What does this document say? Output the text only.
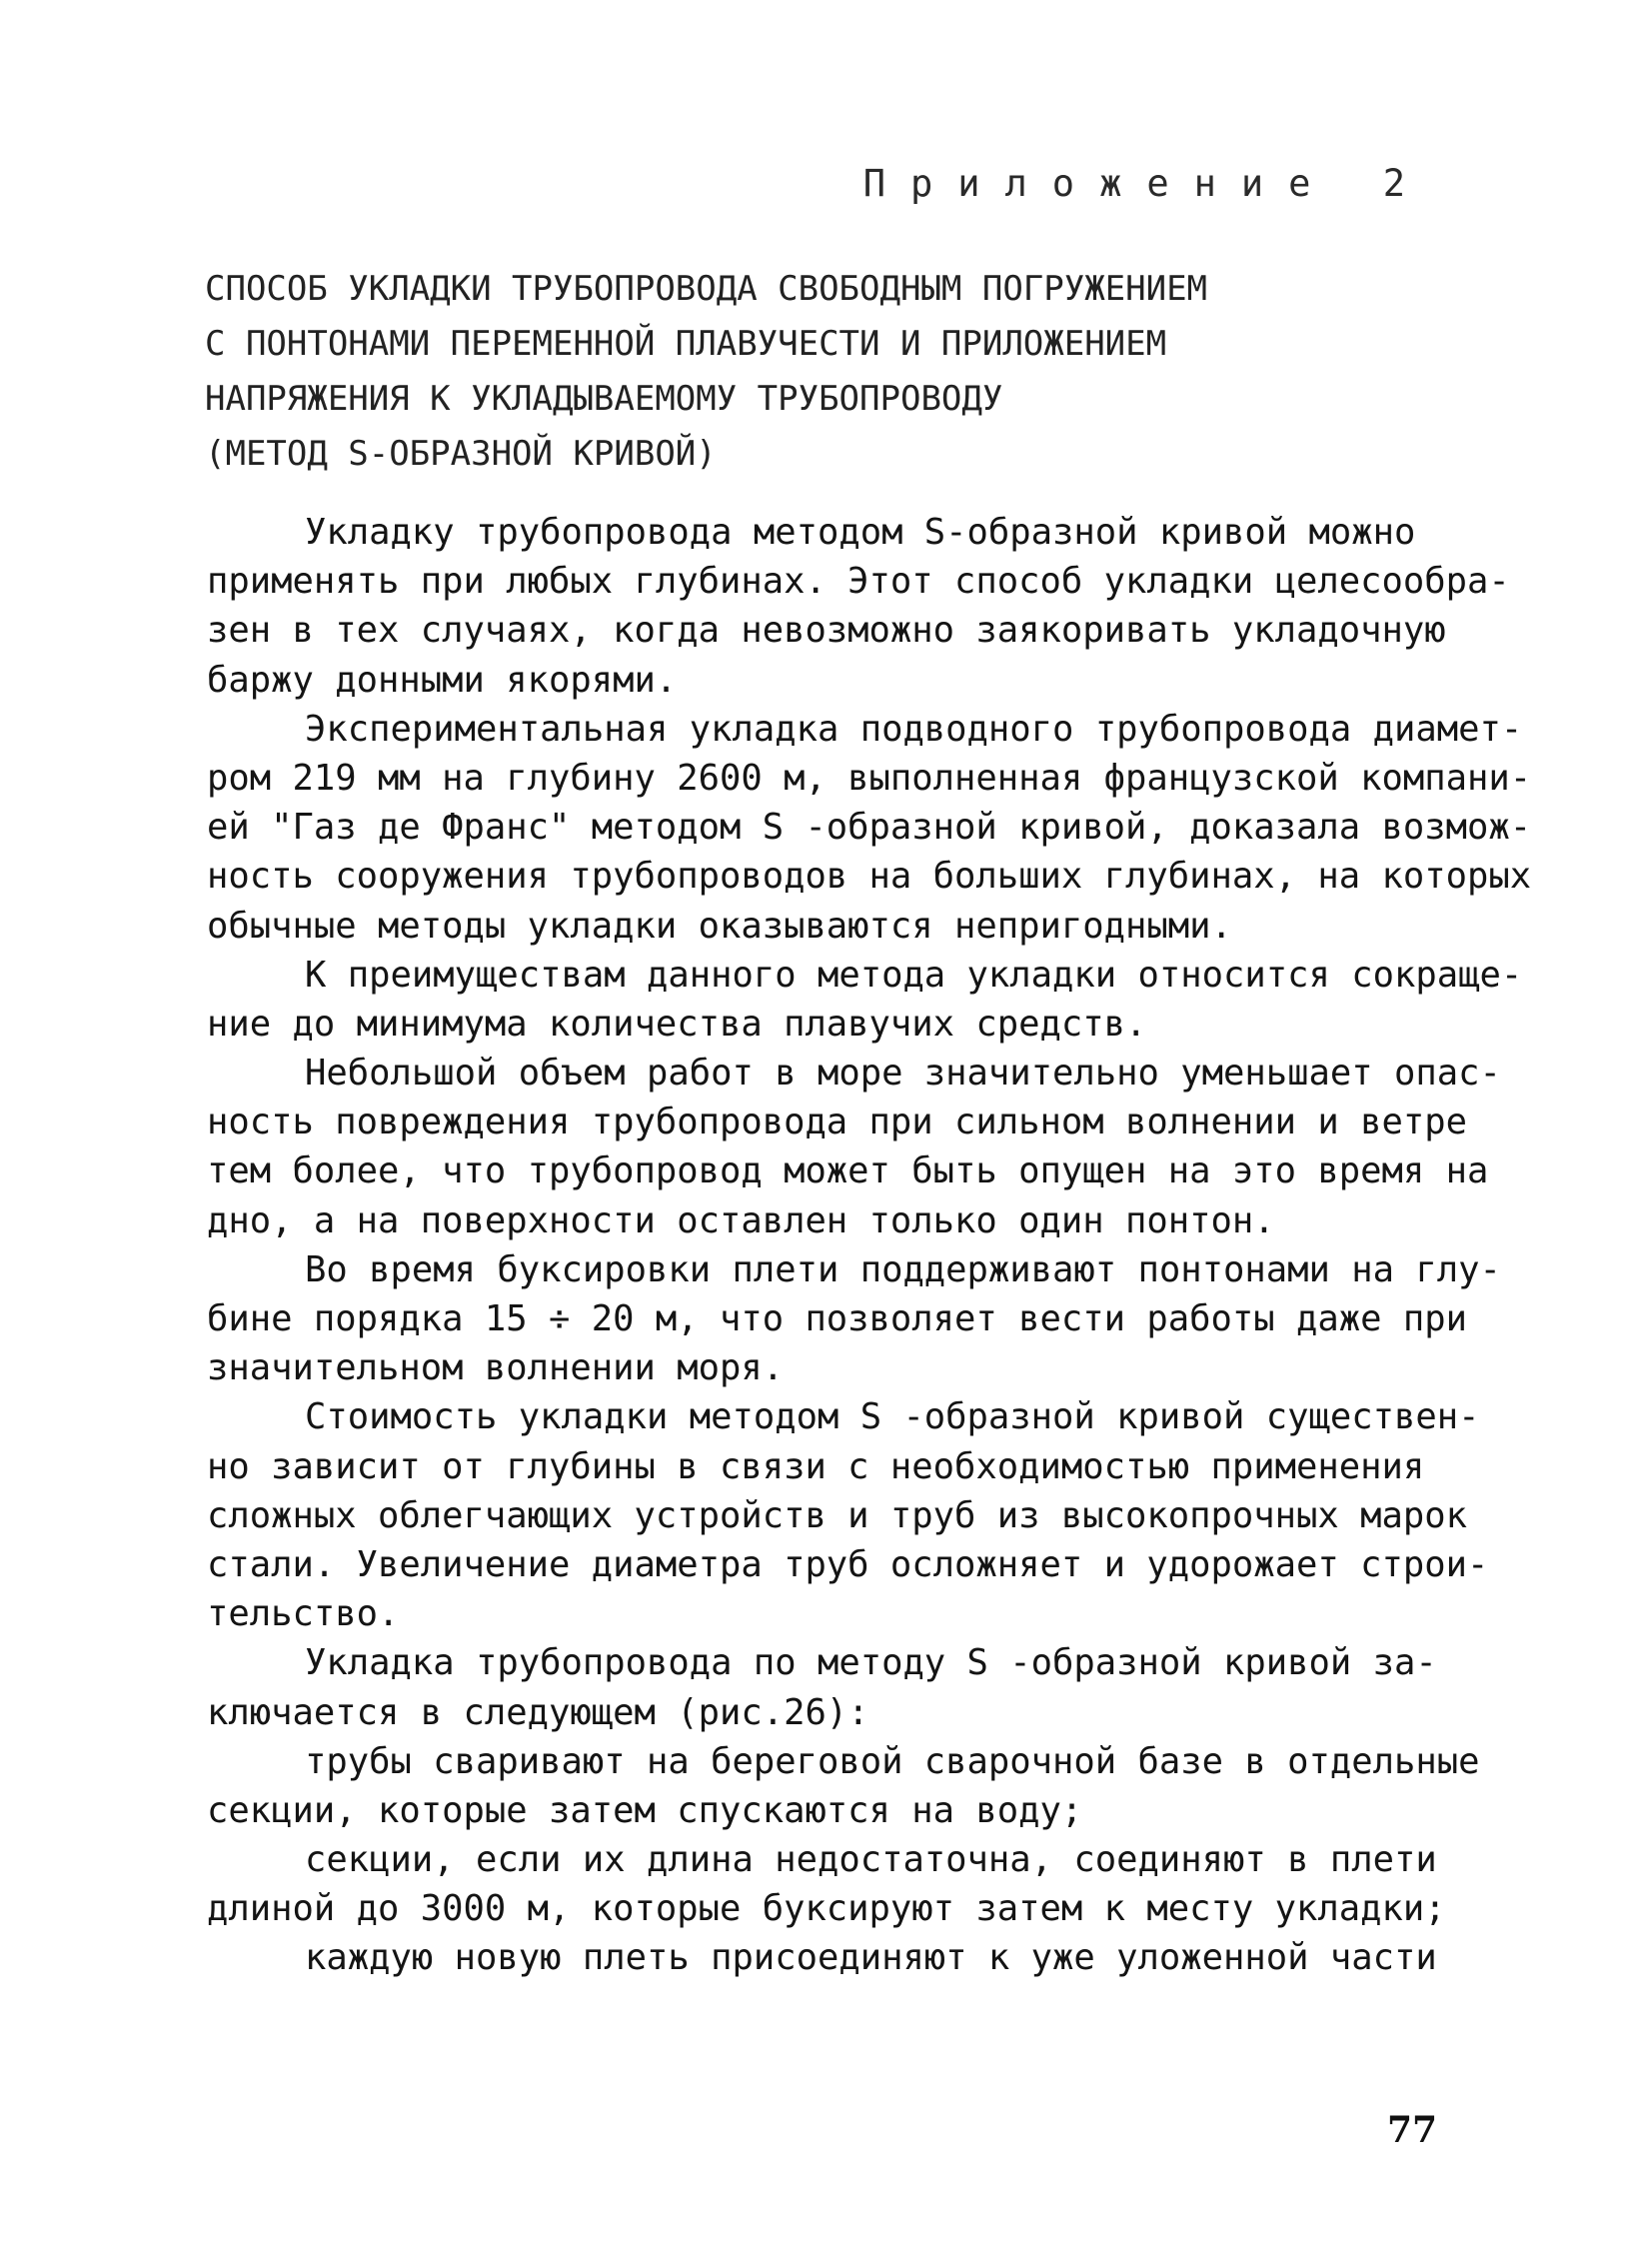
Приложение 2
СПОСОБ УКЛАДКИ ТРУБОПРОВОДА СВОБОДНЫМ ПОГРУЖЕНИЕМ
С ПОНТОНАМИ ПЕРЕМЕННОЙ ПЛАВУЧЕСТИ И ПРИЛОЖЕНИЕМ
НАПРЯЖЕНИЯ К УКЛАДЫВАЕМОМУ ТРУБОПРОВОДУ
(МЕТОД S-ОБРАЗНОЙ КРИВОЙ)
Укладку трубопровода методом S-образной кривой можно
применять при любых глубинах. Этот способ укладки целесообра-
зен в тех случаях, когда невозможно заякоривать укладочную
баржу донными якорями.
Экспериментальная укладка подводного трубопровода диамет-
ром 219 мм на глубину 2600 м, выполненная французской компани-
ей "Газ де Франс" методом S -образной кривой, доказала возмож-
ность сооружения трубопроводов на больших глубинах, на которых
обычные методы укладки оказываются непригодными.
К преимуществам данного метода укладки относится сокраще-
ние до минимума количества плавучих средств.
Небольшой объем работ в море значительно уменьшает опас-
ность повреждения трубопровода при сильном волнении и ветре
тем более, что трубопровод может быть опущен на это время на
дно, а на поверхности оставлен только один понтон.
Во время буксировки плети поддерживают понтонами на глу-
бине порядка 15 ÷ 20 м, что позволяет вести работы даже при
значительном волнении моря.
Стоимость укладки методом S -образной кривой существен-
но зависит от глубины в связи с необходимостью применения
сложных облегчающих устройств и труб из высокопрочных марок
стали. Увеличение диаметра труб осложняет и удорожает строи-
тельство.
Укладка трубопровода по методу S -образной кривой за-
ключается в следующем (рис.26):
трубы сваривают на береговой сварочной базе в отдельные
секции, которые затем спускаются на воду;
секции, если их длина недостаточна, соединяют в плети
длиной до 3000 м, которые буксируют затем к месту укладки;
каждую новую плеть присоединяют к уже уложенной части
77
